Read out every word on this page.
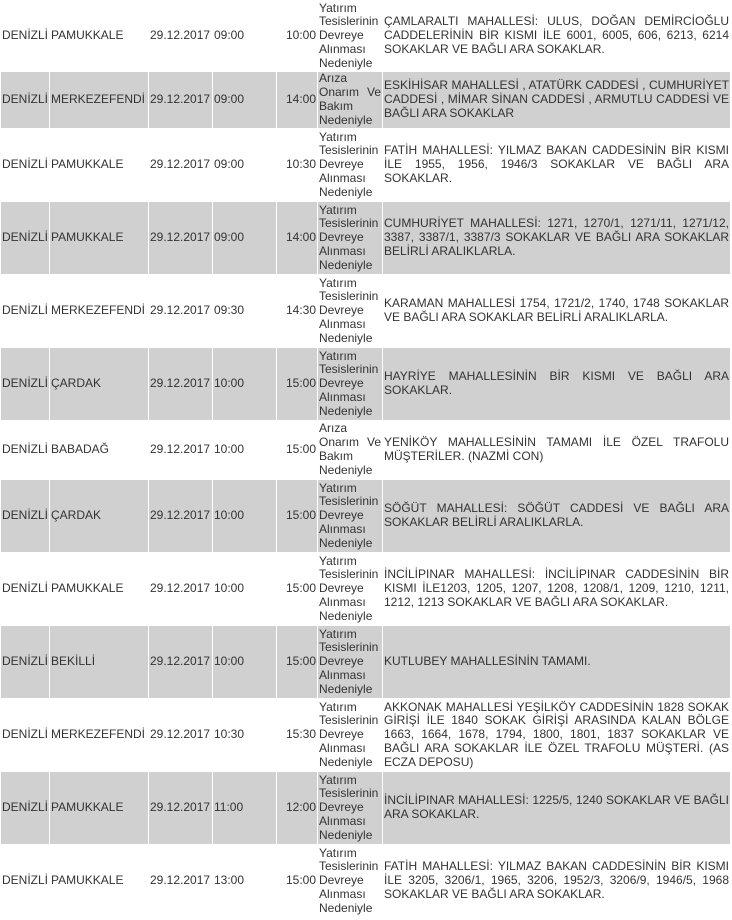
DENİZLİ	PAMUKKALE	29.12.2017	09:00	10:00	Yatırım Tesislerinin Devreye Alınması Nedeniyle	ÇAMLARALTI MAHALLESİ: ULUS, DOĞAN DEMİRCİOĞLU CADDELERİNİN BİR KISMI İLE 6001, 6005, 606, 6213, 6214 SOKAKLAR VE BAĞLI ARA SOKAKLAR.
DENİZLİ	MERKEZEFENDİ	29.12.2017	09:00	14:00	Arıza Onarım Ve Bakım Nedeniyle	ESKİHİSAR MAHALLESİ , ATATÜRK CADDESİ , CUMHURİYET CADDESİ , MİMAR SİNAN CADDESİ , ARMUTLU CADDESİ VE BAĞLI ARA SOKAKLAR
DENİZLİ	PAMUKKALE	29.12.2017	09:00	10:30	Yatırım Tesislerinin Devreye Alınması Nedeniyle	FATİH MAHALLESİ: YILMAZ BAKAN CADDESİNİN BİR KISMI İLE 1955, 1956, 1946/3 SOKAKLAR VE BAĞLI ARA SOKAKLAR.
DENİZLİ	PAMUKKALE	29.12.2017	09:00	14:00	Yatırım Tesislerinin Devreye Alınması Nedeniyle	CUMHURİYET MAHALLESİ: 1271, 1270/1, 1271/11, 1271/12, 3387, 3387/1, 3387/3 SOKAKLAR VE BAĞLI ARA SOKAKLAR BELİRLİ ARALIKLARLA.
DENİZLİ	MERKEZEFENDİ	29.12.2017	09:30	14:30	Yatırım Tesislerinin Devreye Alınması Nedeniyle	KARAMAN MAHALLESİ 1754, 1721/2, 1740, 1748 SOKAKLAR VE BAĞLI ARA SOKAKLAR BELİRLİ ARALIKLARLA.
DENİZLİ	ÇARDAK	29.12.2017	10:00	15:00	Yatırım Tesislerinin Devreye Alınması Nedeniyle	HAYRİYE MAHALLESİNİN BİR KISMI VE BAĞLI ARA SOKAKLAR.
DENİZLİ	BABADAĞ	29.12.2017	10:00	15:00	Arıza Onarım Ve Bakım Nedeniyle	YENİKÖY MAHALLESİNİN TAMAMI İLE ÖZEL TRAFOLU MÜŞTERİLER. (NAZMİ CON)
DENİZLİ	ÇARDAK	29.12.2017	10:00	15:00	Yatırım Tesislerinin Devreye Alınması Nedeniyle	SÖĞÜT MAHALLESİ: SÖĞÜT CADDESİ VE BAĞLI ARA SOKAKLAR BELİRLİ ARALIKLARLA.
DENİZLİ	PAMUKKALE	29.12.2017	10:00	15:00	Yatırım Tesislerinin Devreye Alınması Nedeniyle	İNCİLİPINAR MAHALLESİ: İNCİLİPINAR CADDESİNİN BİR KISMI İLE1203, 1205, 1207, 1208, 1208/1, 1209, 1210, 1211, 1212, 1213 SOKAKLAR VE BAĞLI ARA SOKAKLAR.
DENİZLİ	BEKİLLİ	29.12.2017	10:00	15:00	Yatırım Tesislerinin Devreye Alınması Nedeniyle	KUTLUBEY MAHALLESİNİN TAMAMI.
DENİZLİ	MERKEZEFENDİ	29.12.2017	10:30	15:30	Yatırım Tesislerinin Devreye Alınması Nedeniyle	AKKONAK MAHALLESİ YEŞİLKÖY CADDESİNİN 1828 SOKAK GİRİŞİ İLE 1840 SOKAK GİRİŞİ ARASINDA KALAN BÖLGE 1663, 1664, 1678, 1794, 1800, 1801, 1837 SOKAKLAR VE BAĞLI ARA SOKAKLAR İLE ÖZEL TRAFOLU MÜŞTERİ. (AS ECZA DEPOSU)
DENİZLİ	PAMUKKALE	29.12.2017	11:00	12:00	Yatırım Tesislerinin Devreye Alınması Nedeniyle	İNCİLİPINAR MAHALLESİ: 1225/5, 1240 SOKAKLAR VE BAĞLI ARA SOKAKLAR.
DENİZLİ	PAMUKKALE	29.12.2017	13:00	15:00	Yatırım Tesislerinin Devreye Alınması Nedeniyle	FATİH MAHALLESİ: YILMAZ BAKAN CADDESİNİN BİR KISMI İLE 3205, 3206/1, 1965, 3206, 1952/3, 3206/9, 1946/5, 1968 SOKAKLAR VE BAĞLI ARA SOKAKLAR.
